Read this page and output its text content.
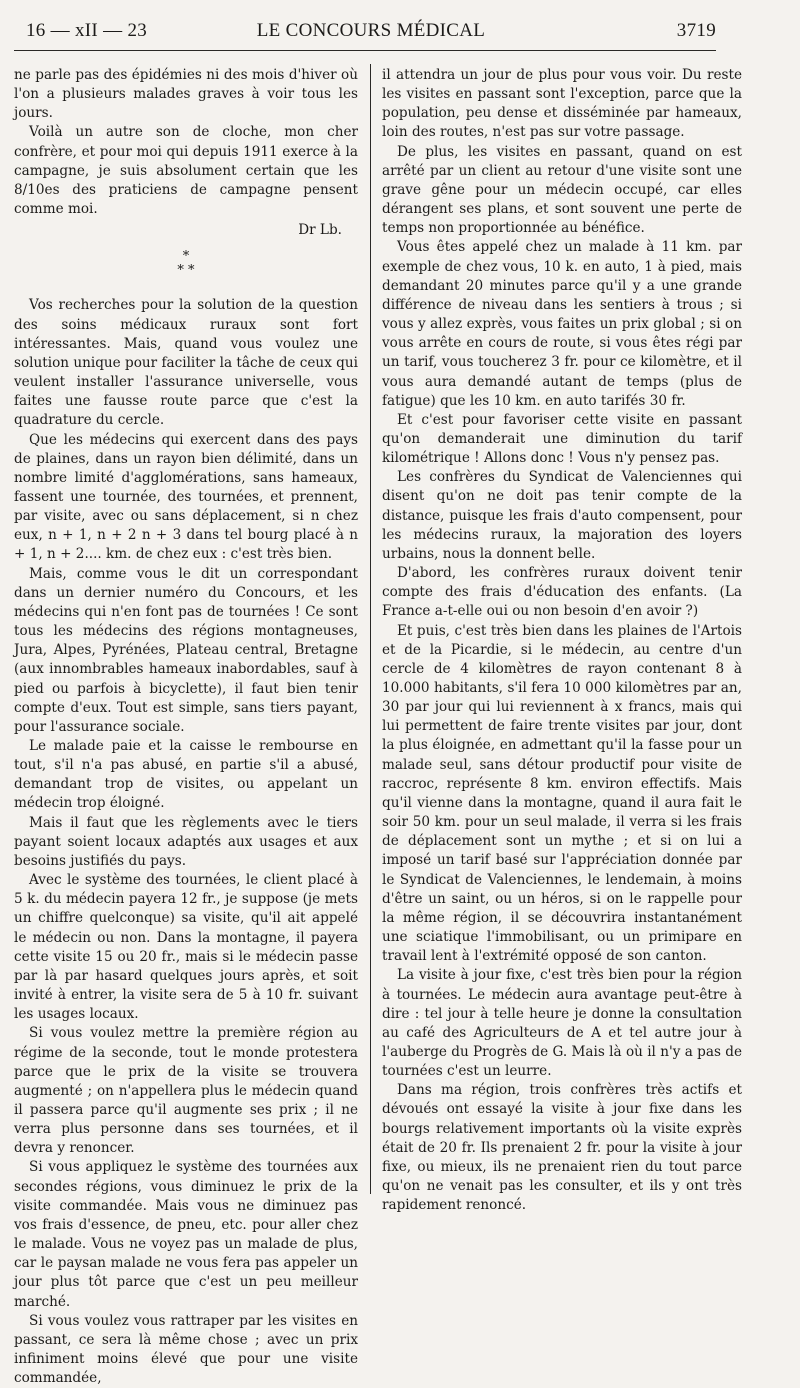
16 — xII — 23	LE CONCOURS MÉDICAL	3719

ne parle pas des épidémies ni des mois d'hiver où l'on a plusieurs malades graves à voir tous les jours.

Voilà un autre son de cloche, mon cher confrère, et pour moi qui depuis 1911 exerce à la campagne, je suis absolument certain que les 8/10es des praticiens de campagne pensent comme moi.

Dr Lb.

*
* *

Vos recherches pour la solution de la question des soins médicaux ruraux sont fort intéressantes. Mais, quand vous voulez une solution unique pour faciliter la tâche de ceux qui veulent installer l'assurance universelle, vous faites une fausse route parce que c'est la quadrature du cercle.

Que les médecins qui exercent dans des pays de plaines, dans un rayon bien délimité, dans un nombre limité d'agglomérations, sans hameaux, fassent une tournée, des tournées, et prennent, par visite, avec ou sans déplacement, si n chez eux, n + 1, n + 2 n + 3 dans tel bourg placé à n + 1, n + 2.... km. de chez eux : c'est très bien.

Mais, comme vous le dit un correspondant dans un dernier numéro du Concours, et les médecins qui n'en font pas de tournées ! Ce sont tous les médecins des régions montagneuses, Jura, Alpes, Pyrénées, Plateau central, Bretagne (aux innombrables hameaux inabordables, sauf à pied ou parfois à bicyclette), il faut bien tenir compte d'eux. Tout est simple, sans tiers payant, pour l'assurance sociale.

Le malade paie et la caisse le rembourse en tout, s'il n'a pas abusé, en partie s'il a abusé, demandant trop de visites, ou appelant un médecin trop éloigné.

Mais il faut que les règlements avec le tiers payant soient locaux adaptés aux usages et aux besoins justifiés du pays.

Avec le système des tournées, le client placé à 5 k. du médecin payera 12 fr., je suppose (je mets un chiffre quelconque) sa visite, qu'il ait appelé le médecin ou non. Dans la montagne, il payera cette visite 15 ou 20 fr., mais si le médecin passe par là par hasard quelques jours après, et soit invité à entrer, la visite sera de 5 à 10 fr. suivant les usages locaux.

Si vous voulez mettre la première région au régime de la seconde, tout le monde protestera parce que le prix de la visite se trouvera augmenté ; on n'appellera plus le médecin quand il passera parce qu'il augmente ses prix ; il ne verra plus personne dans ses tournées, et il devra y renoncer.

Si vous appliquez le système des tournées aux secondes régions, vous diminuez le prix de la visite commandée. Mais vous ne diminuez pas vos frais d'essence, de pneu, etc. pour aller chez le malade. Vous ne voyez pas un malade de plus, car le paysan malade ne vous fera pas appeler un jour plus tôt parce que c'est un peu meilleur marché.

Si vous voulez vous rattraper par les visites en passant, ce sera là même chose ; avec un prix infiniment moins élevé que pour une visite commandée,

il attendra un jour de plus pour vous voir. Du reste les visites en passant sont l'exception, parce que la population, peu dense et disséminée par hameaux, loin des routes, n'est pas sur votre passage.

De plus, les visites en passant, quand on est arrêté par un client au retour d'une visite sont une grave gêne pour un médecin occupé, car elles dérangent ses plans, et sont souvent une perte de temps non proportionnée au bénéfice.

Vous êtes appelé chez un malade à 11 km. par exemple de chez vous, 10 k. en auto, 1 à pied, mais demandant 20 minutes parce qu'il y a une grande différence de niveau dans les sentiers à trous ; si vous y allez exprès, vous faites un prix global ; si on vous arrête en cours de route, si vous êtes régi par un tarif, vous toucherez 3 fr. pour ce kilomètre, et il vous aura demandé autant de temps (plus de fatigue) que les 10 km. en auto tarifés 30 fr.

Et c'est pour favoriser cette visite en passant qu'on demanderait une diminution du tarif kilométrique ! Allons donc ! Vous n'y pensez pas.

Les confrères du Syndicat de Valenciennes qui disent qu'on ne doit pas tenir compte de la distance, puisque les frais d'auto compensent, pour les médecins ruraux, la majoration des loyers urbains, nous la donnent belle.

D'abord, les confrères ruraux doivent tenir compte des frais d'éducation des enfants. (La France a-t-elle oui ou non besoin d'en avoir ?)

Et puis, c'est très bien dans les plaines de l'Artois et de la Picardie, si le médecin, au centre d'un cercle de 4 kilomètres de rayon contenant 8 à 10.000 habitants, s'il fera 10 000 kilomètres par an, 30 par jour qui lui reviennent à x francs, mais qui lui permettent de faire trente visites par jour, dont la plus éloignée, en admettant qu'il la fasse pour un malade seul, sans détour productif pour visite de raccroc, représente 8 km. environ effectifs. Mais qu'il vienne dans la montagne, quand il aura fait le soir 50 km. pour un seul malade, il verra si les frais de déplacement sont un mythe ; et si on lui a imposé un tarif basé sur l'appréciation donnée par le Syndicat de Valenciennes, le lendemain, à moins d'être un saint, ou un héros, si on le rappelle pour la même région, il se découvrira instantanément une sciatique l'immobilisant, ou un primipare en travail lent à l'extrémité opposé de son canton.

La visite à jour fixe, c'est très bien pour la région à tournées. Le médecin aura avantage peut-être à dire : tel jour à telle heure je donne la consultation au café des Agriculteurs de A et tel autre jour à l'auberge du Progrès de G. Mais là où il n'y a pas de tournées c'est un leurre.

Dans ma région, trois confrères très actifs et dévoués ont essayé la visite à jour fixe dans les bourgs relativement importants où la visite exprès était de 20 fr. Ils prenaient 2 fr. pour la visite à jour fixe, ou mieux, ils ne prenaient rien du tout parce qu'on ne venait pas les consulter, et ils y ont très rapidement renoncé.
